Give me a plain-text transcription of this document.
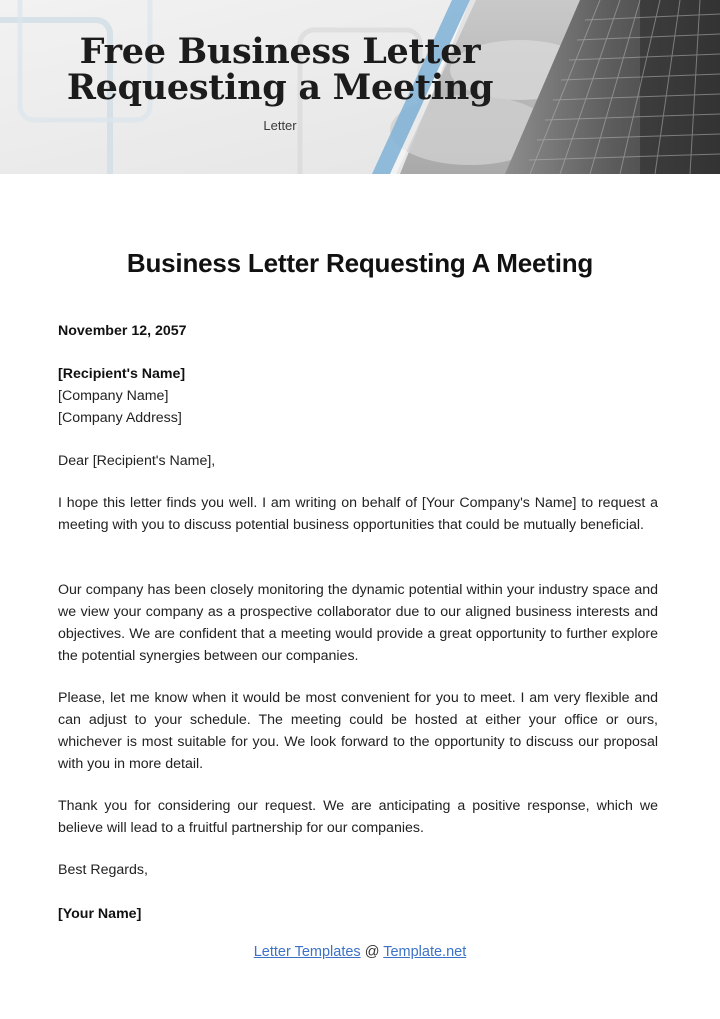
Free Business Letter
Requesting a Meeting
Letter
Business Letter Requesting A Meeting

November 12, 2057

[Recipient's Name]
[Company Name]
[Company Address]

Dear [Recipient's Name],

I hope this letter finds you well. I am writing on behalf of [Your Company's Name] to request a meeting with you to discuss potential business opportunities that could be mutually beneficial.

Our company has been closely monitoring the dynamic potential within your industry space and we view your company as a prospective collaborator due to our aligned business interests and objectives. We are confident that a meeting would provide a great opportunity to further explore the potential synergies between our companies.

Please, let me know when it would be most convenient for you to meet. I am very flexible and can adjust to your schedule. The meeting could be hosted at either your office or ours, whichever is most suitable for you. We look forward to the opportunity to discuss our proposal with you in more detail.

Thank you for considering our request. We are anticipating a positive response, which we believe will lead to a fruitful partnership for our companies.

Best Regards,

[Your Name]

Letter Templates @ Template.net
